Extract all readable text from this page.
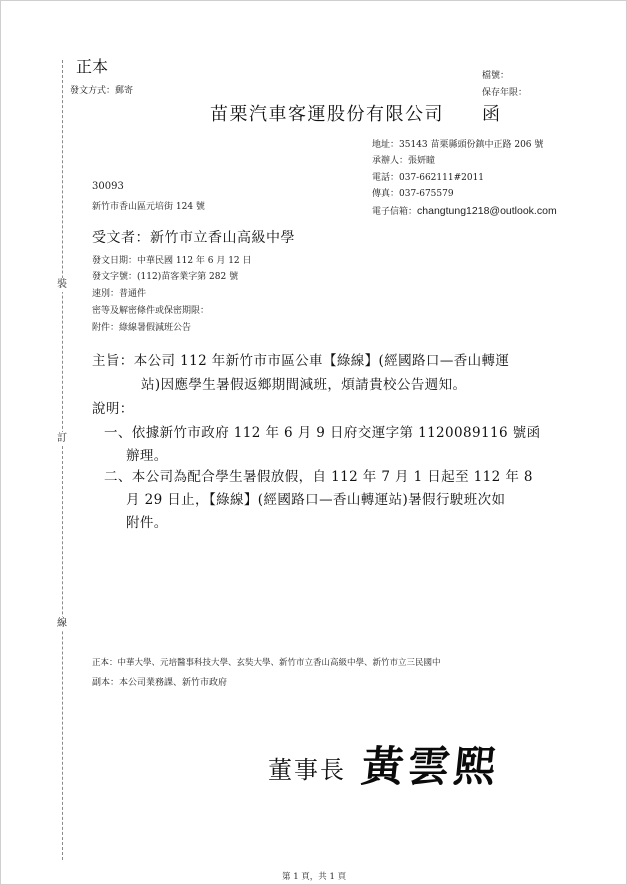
裝
訂
線
正本
發文方式：郵寄
檔號：
保存年限：
苗栗汽車客運股份有限公司 函
地址：35143 苗栗縣頭份鎮中正路 206 號
承辦人：張妍瞳
電話：037-662111#2011
傳真：037-675579
電子信箱：changtung1218@outlook.com
30093
新竹市香山區元培街 124 號
受文者：新竹市立香山高級中學
發文日期：中華民國 112 年 6 月 12 日
發文字號：(112)苗客業字第 282 號
速別：普通件
密等及解密條件或保密期限：
附件：綠線暑假減班公告
主旨：本公司 112 年新竹市市區公車【綠線】(經國路口—香山轉運
站)因應學生暑假返鄉期間減班，煩請貴校公告週知。
說明：
一、依據新竹市政府 112 年 6 月 9 日府交運字第 1120089116 號函
辦理。
二、本公司為配合學生暑假放假，自 112 年 7 月 1 日起至 112 年 8
月 29 日止，【綠線】(經國路口—香山轉運站)暑假行駛班次如
附件。
正本：中華大學、元培醫事科技大學、玄奘大學、新竹市立香山高級中學、新竹市立三民國中
副本：本公司業務課、新竹市政府
董事長 黃雲熙
第 1 頁，共 1 頁
